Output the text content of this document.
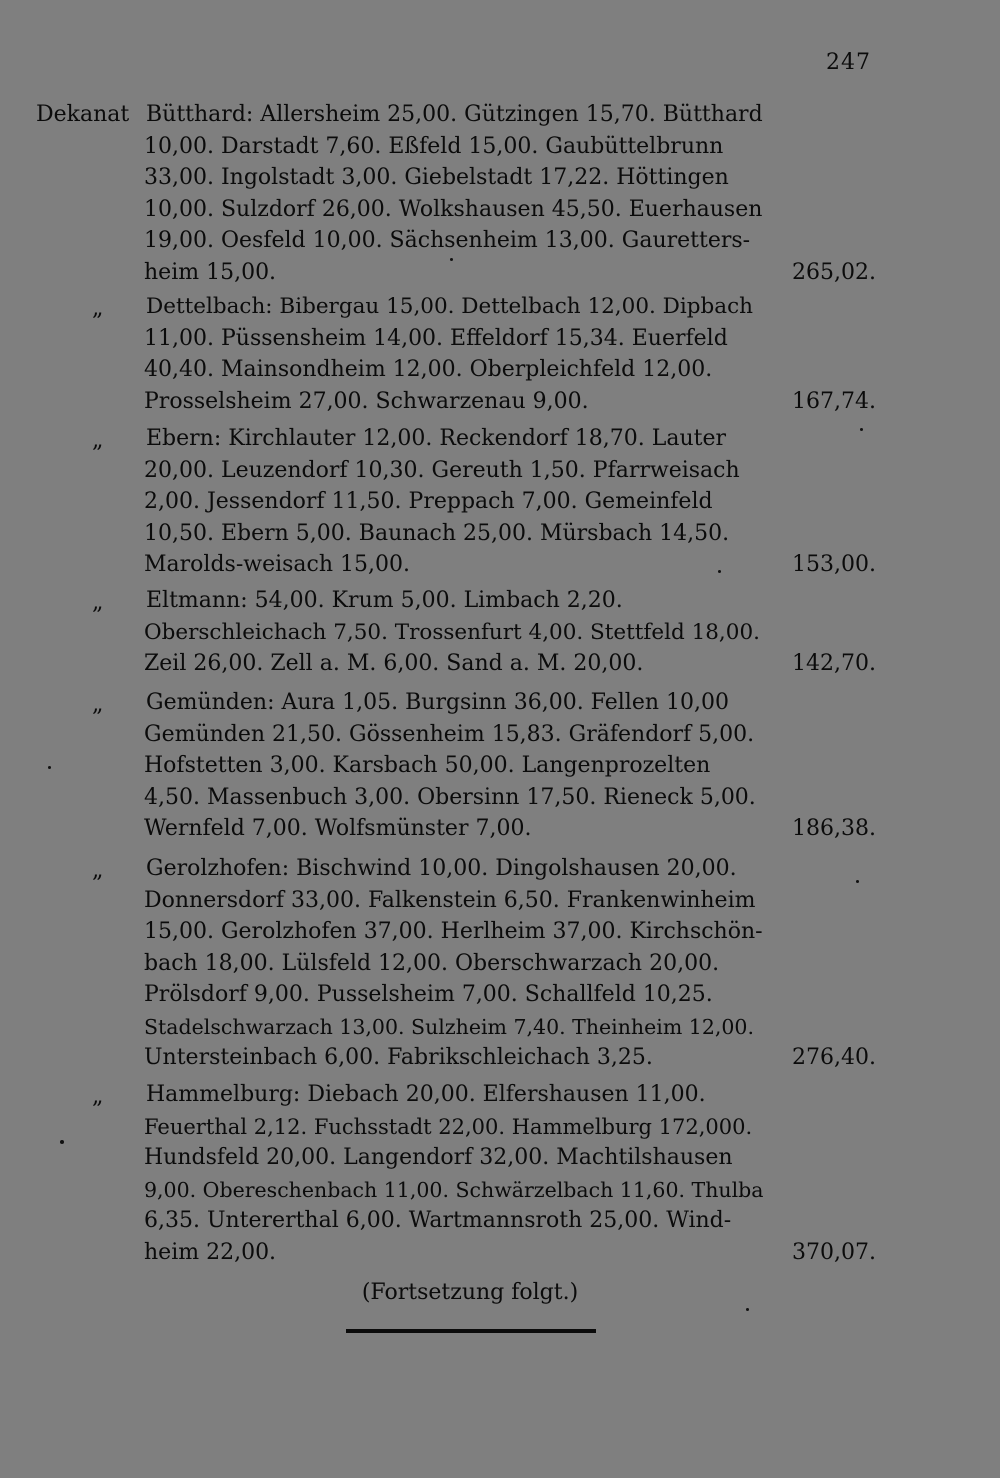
247
Dekanat Bütthard: Allersheim 25,00. Gützingen 15,70. Bütthard
10,00. Darstadt 7,60. Eßfeld 15,00. Gaubüttelbrunn
33,00. Ingolstadt 3,00. Giebelstadt 17,22. Höttingen
10,00. Sulzdorf 26,00. Wolkshausen 45,50. Euerhausen
19,00. Oesfeld 10,00. Sächsenheim 13,00. Gauretters-
heim 15,00.	265,02.
„ Dettelbach: Bibergau 15,00. Dettelbach 12,00. Dipbach
11,00. Püssensheim 14,00. Effeldorf 15,34. Euerfeld
40,40. Mainsondheim 12,00. Oberpleichfeld 12,00.
Prosselsheim 27,00. Schwarzenau 9,00.	167,74.
„ Ebern: Kirchlauter 12,00. Reckendorf 18,70. Lauter
20,00. Leuzendorf 10,30. Gereuth 1,50. Pfarrweisach
2,00. Jessendorf 11,50. Preppach 7,00. Gemeinfeld
10,50. Ebern 5,00. Baunach 25,00. Mürsbach 14,50.
Marolds-weisach 15,00.	153,00.
„ Eltmann: 54,00. Krum 5,00. Limbach 2,20.
Oberschleichach 7,50. Trossenfurt 4,00. Stettfeld 18,00.
Zeil 26,00. Zell a. M. 6,00. Sand a. M. 20,00.	142,70.
„ Gemünden: Aura 1,05. Burgsinn 36,00. Fellen 10,00
Gemünden 21,50. Gössenheim 15,83. Gräfendorf 5,00.
Hofstetten 3,00. Karsbach 50,00. Langenprozelten
4,50. Massenbuch 3,00. Obersinn 17,50. Rieneck 5,00.
Wernfeld 7,00. Wolfsmünster 7,00.	186,38.
„ Gerolzhofen: Bischwind 10,00. Dingolshausen 20,00.
Donnersdorf 33,00. Falkenstein 6,50. Frankenwinheim
15,00. Gerolzhofen 37,00. Herlheim 37,00. Kirchschön-
bach 18,00. Lülsfeld 12,00. Oberschwarzach 20,00.
Prölsdorf 9,00. Pusselsheim 7,00. Schallfeld 10,25.
Stadelschwarzach 13,00. Sulzheim 7,40. Theinheim 12,00.
Untersteinbach 6,00. Fabrikschleichach 3,25.	276,40.
„ Hammelburg: Diebach 20,00. Elfershausen 11,00.
Feuerthal 2,12. Fuchsstadt 22,00. Hammelburg 172,000.
Hundsfeld 20,00. Langendorf 32,00. Machtilshausen
9,00. Obereschenbach 11,00. Schwärzelbach 11,60. Thulba
6,35. Untererthal 6,00. Wartmannsroth 25,00. Wind-
heim 22,00.	370,07.
(Fortsetzung folgt.)
